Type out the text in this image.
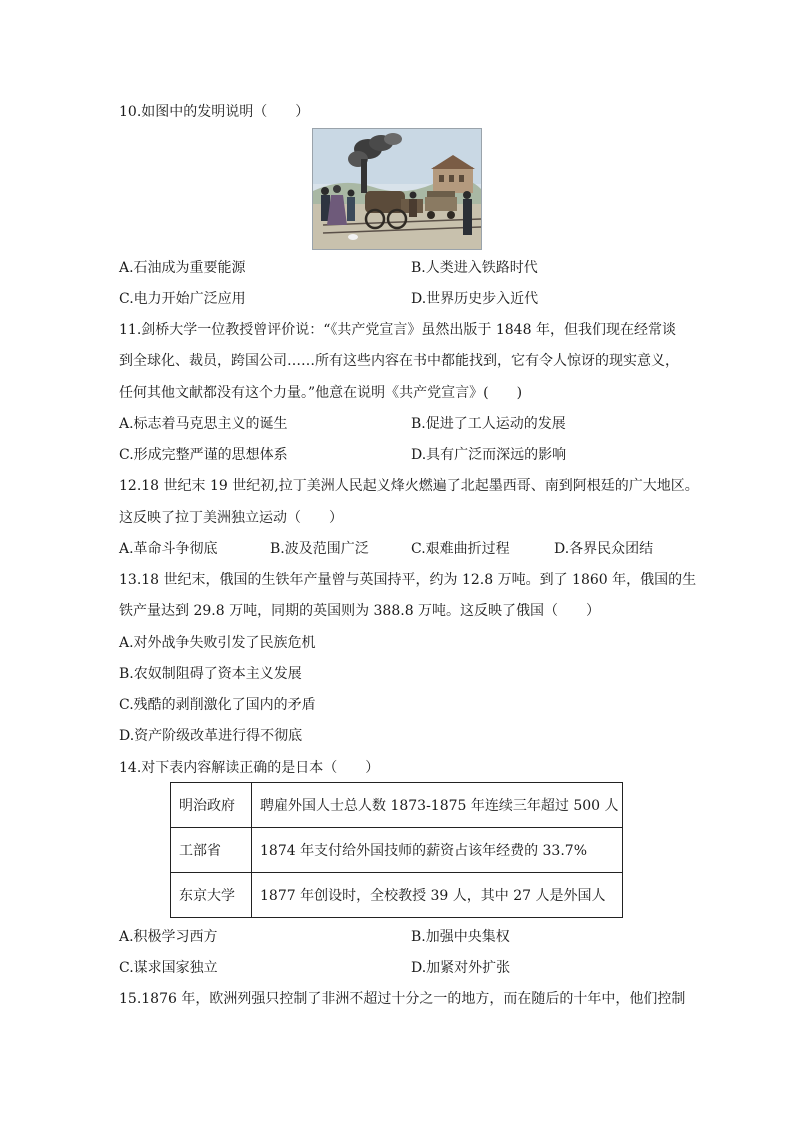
10.如图中的发明说明（　　）
A.石油成为重要能源	B.人类进入铁路时代
C.电力开始广泛应用	D.世界历史步入近代
11.剑桥大学一位教授曾评价说：“《共产党宣言》虽然出版于 1848 年，但我们现在经常谈
到全球化、裁员，跨国公司……所有这些内容在书中都能找到，它有令人惊讶的现实意义，
任何其他文献都没有这个力量。”他意在说明《共产党宣言》(　　)
A.标志着马克思主义的诞生	B.促进了工人运动的发展
C.形成完整严谨的思想体系	D.具有广泛而深远的影响
12.18 世纪末 19 世纪初,拉丁美洲人民起义烽火燃遍了北起墨西哥、南到阿根廷的广大地区。
这反映了拉丁美洲独立运动（　　）
A.革命斗争彻底	B.波及范围广泛	C.艰难曲折过程	D.各界民众团结
13.18 世纪末，俄国的生铁年产量曾与英国持平，约为 12.8 万吨。到了 1860 年，俄国的生
铁产量达到 29.8 万吨，同期的英国则为 388.8 万吨。这反映了俄国（　　）
A.对外战争失败引发了民族危机
B.农奴制阻碍了资本主义发展
C.残酷的剥削激化了国内的矛盾
D.资产阶级改革进行得不彻底
14.对下表内容解读正确的是日本（　　）
明治政府	聘雇外国人士总人数 1873-1875 年连续三年超过 500 人
工部省	1874 年支付给外国技师的薪资占该年经费的 33.7%
东京大学	1877 年创设时，全校教授 39 人，其中 27 人是外国人
A.积极学习西方	B.加强中央集权
C.谋求国家独立	D.加紧对外扩张
15.1876 年，欧洲列强只控制了非洲不超过十分之一的地方，而在随后的十年中，他们控制
